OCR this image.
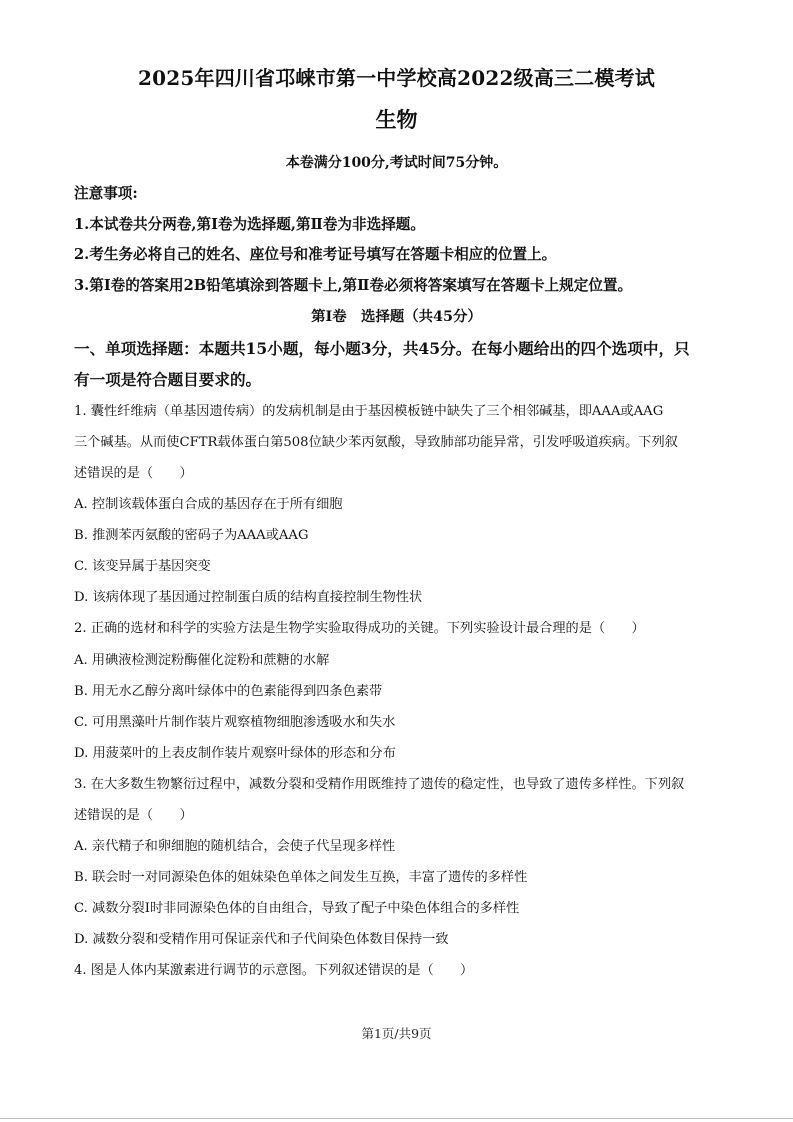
2025年四川省邛崃市第一中学校高2022级高三二模考试
生物
本卷满分100分,考试时间75分钟。
注意事项:
1.本试卷共分两卷,第Ⅰ卷为选择题,第Ⅱ卷为非选择题。
2.考生务必将自己的姓名、座位号和准考证号填写在答题卡相应的位置上。
3.第Ⅰ卷的答案用2B铅笔填涂到答题卡上,第Ⅱ卷必须将答案填写在答题卡上规定位置。
第Ⅰ卷　选择题（共45分）
一、单项选择题：本题共15小题，每小题3分，共45分。在每小题给出的四个选项中，只
有一项是符合题目要求的。
1. 囊性纤维病（单基因遗传病）的发病机制是由于基因模板链中缺失了三个相邻碱基，即AAA或AAG
三个碱基。从而使CFTR载体蛋白第508位缺少苯丙氨酸，导致肺部功能异常，引发呼吸道疾病。下列叙
述错误的是（　　）
A. 控制该载体蛋白合成的基因存在于所有细胞
B. 推测苯丙氨酸的密码子为AAA或AAG
C. 该变异属于基因突变
D. 该病体现了基因通过控制蛋白质的结构直接控制生物性状
2. 正确的选材和科学的实验方法是生物学实验取得成功的关键。下列实验设计最合理的是（　　）
A. 用碘液检测淀粉酶催化淀粉和蔗糖的水解
B. 用无水乙醇分离叶绿体中的色素能得到四条色素带
C. 可用黑藻叶片制作装片观察植物细胞渗透吸水和失水
D. 用菠菜叶的上表皮制作装片观察叶绿体的形态和分布
3. 在大多数生物繁衍过程中，减数分裂和受精作用既维持了遗传的稳定性，也导致了遗传多样性。下列叙
述错误的是（　　）
A. 亲代精子和卵细胞的随机结合，会使子代呈现多样性
B. 联会时一对同源染色体的姐妹染色单体之间发生互换，丰富了遗传的多样性
C. 减数分裂Ⅰ时非同源染色体的自由组合，导致了配子中染色体组合的多样性
D. 减数分裂和受精作用可保证亲代和子代间染色体数目保持一致
4. 图是人体内某激素进行调节的示意图。下列叙述错误的是（　　）
第1页/共9页
